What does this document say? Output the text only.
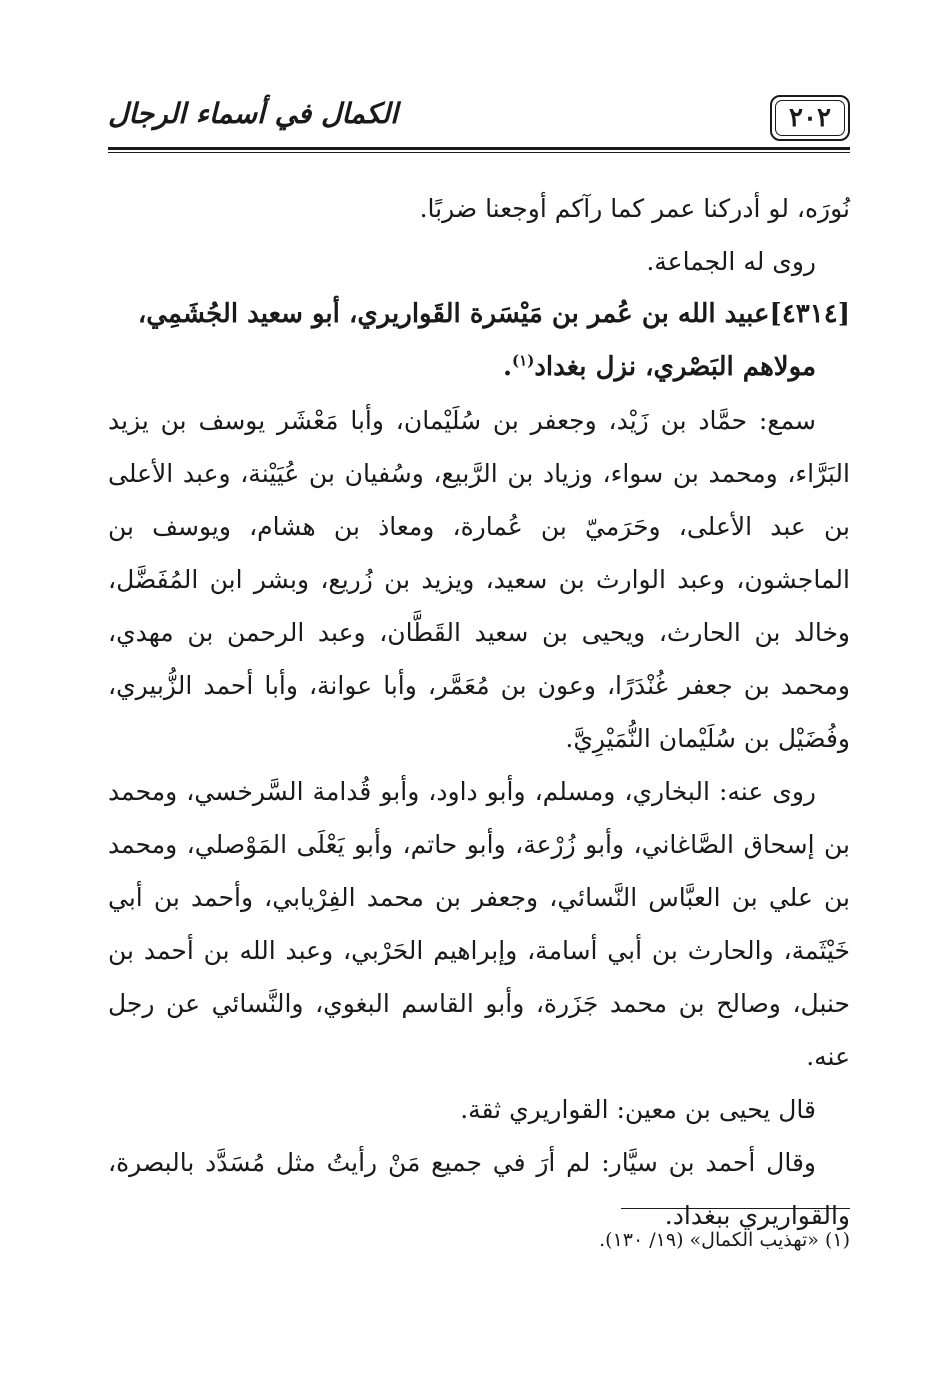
٢٠٢
الكمال في أسماء الرجال

نُورَه، لو أدركنا عمر كما رآكم أوجعنا ضربًا.

روى له الجماعة.

[٤٣١٤]عبيد الله بن عُمر بن مَيْسَرة القَواريري، أبو سعيد الجُشَمِي،
مولاهم البَصْري، نزل بغداد$^{(١)}$.

سمع: حمَّاد بن زَيْد، وجعفر بن سُلَيْمان، وأبا مَعْشَر يوسف بن يزيد البَرَّاء، ومحمد بن سواء، وزياد بن الرَّبيع، وسُفيان بن عُيَيْنة، وعبد الأعلى بن عبد الأعلى، وحَرَميّ بن عُمارة، ومعاذ بن هشام، ويوسف بن الماجشون، وعبد الوارث بن سعيد، ويزيد بن زُريع، وبشر ابن المُفَضَّل، وخالد بن الحارث، ويحيى بن سعيد القَطَّان، وعبد الرحمن بن مهدي، ومحمد بن جعفر غُنْدَرًا، وعون بن مُعَمَّر، وأبا عوانة، وأبا أحمد الزُّبيري، وفُضَيْل بن سُلَيْمان النُّمَيْرِيَّ.

روى عنه: البخاري، ومسلم، وأبو داود، وأبو قُدامة السَّرخسي، ومحمد بن إسحاق الصَّاغاني، وأبو زُرْعة، وأبو حاتم، وأبو يَعْلَى المَوْصلي، ومحمد بن علي بن العبَّاس النَّسائي، وجعفر بن محمد الفِرْيابي، وأحمد بن أبي خَيْثَمة، والحارث بن أبي أسامة، وإبراهيم الحَرْبي، وعبد الله بن أحمد بن حنبل، وصالح بن محمد جَزَرة، وأبو القاسم البغوي، والنَّسائي عن رجل عنه.

قال يحيى بن معين: القواريري ثقة.

وقال أحمد بن سيَّار: لم أرَ في جميع مَنْ رأيتُ مثل مُسَدَّد بالبصرة، والقواريري ببغداد.

(١) «تهذيب الكمال» (١٩/ ١٣٠).
